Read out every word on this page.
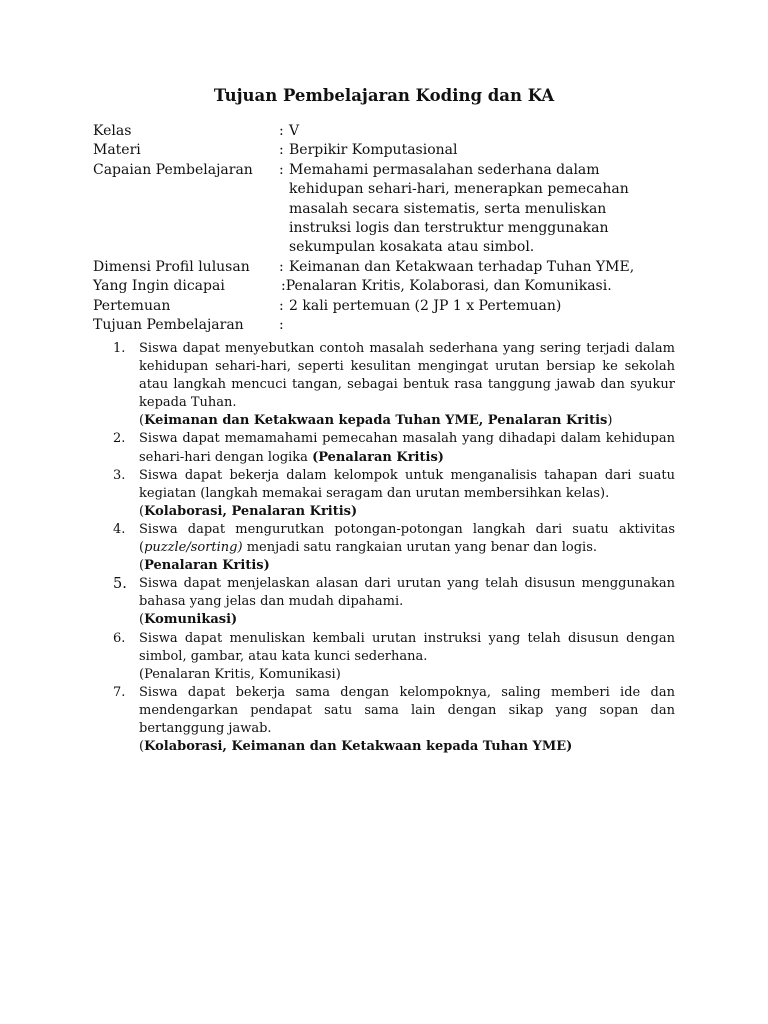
Tujuan Pembelajaran Koding dan KA
Kelas	: V
Materi	: Berpikir Komputasional
Capaian Pembelajaran	: Memahami permasalahan sederhana dalam
kehidupan sehari-hari, menerapkan pemecahan
masalah secara sistematis, serta menuliskan
instruksi logis dan terstruktur menggunakan
sekumpulan kosakata atau simbol.
Dimensi Profil lulusan	: Keimanan dan Ketakwaan terhadap Tuhan YME,
Yang Ingin dicapai	:Penalaran Kritis, Kolaborasi, dan Komunikasi.
Pertemuan	: 2 kali pertemuan (2 JP 1 x Pertemuan)
Tujuan Pembelajaran	:
1.	Siswa dapat menyebutkan contoh masalah sederhana yang sering terjadi dalam kehidupan sehari-hari, seperti kesulitan mengingat urutan bersiap ke sekolah atau langkah mencuci tangan, sebagai bentuk rasa tanggung jawab dan syukur kepada Tuhan.
(Keimanan dan Ketakwaan kepada Tuhan YME, Penalaran Kritis)
2.	Siswa dapat memamahami pemecahan masalah yang dihadapi dalam kehidupan sehari-hari dengan logika (Penalaran Kritis)
3.	Siswa dapat bekerja dalam kelompok untuk menganalisis tahapan dari suatu kegiatan (langkah memakai seragam dan urutan membersihkan kelas).
(Kolaborasi, Penalaran Kritis)
4.	Siswa dapat mengurutkan potongan-potongan langkah dari suatu aktivitas (puzzle/sorting) menjadi satu rangkaian urutan yang benar dan logis.
(Penalaran Kritis)
5. Siswa dapat menjelaskan alasan dari urutan yang telah disusun menggunakan bahasa yang jelas dan mudah dipahami.
(Komunikasi)
6.	Siswa dapat menuliskan kembali urutan instruksi yang telah disusun dengan simbol, gambar, atau kata kunci sederhana.
(Penalaran Kritis, Komunikasi)
7.	Siswa dapat bekerja sama dengan kelompoknya, saling memberi ide dan mendengarkan pendapat satu sama lain dengan sikap yang sopan dan bertanggung jawab.
(Kolaborasi, Keimanan dan Ketakwaan kepada Tuhan YME)
